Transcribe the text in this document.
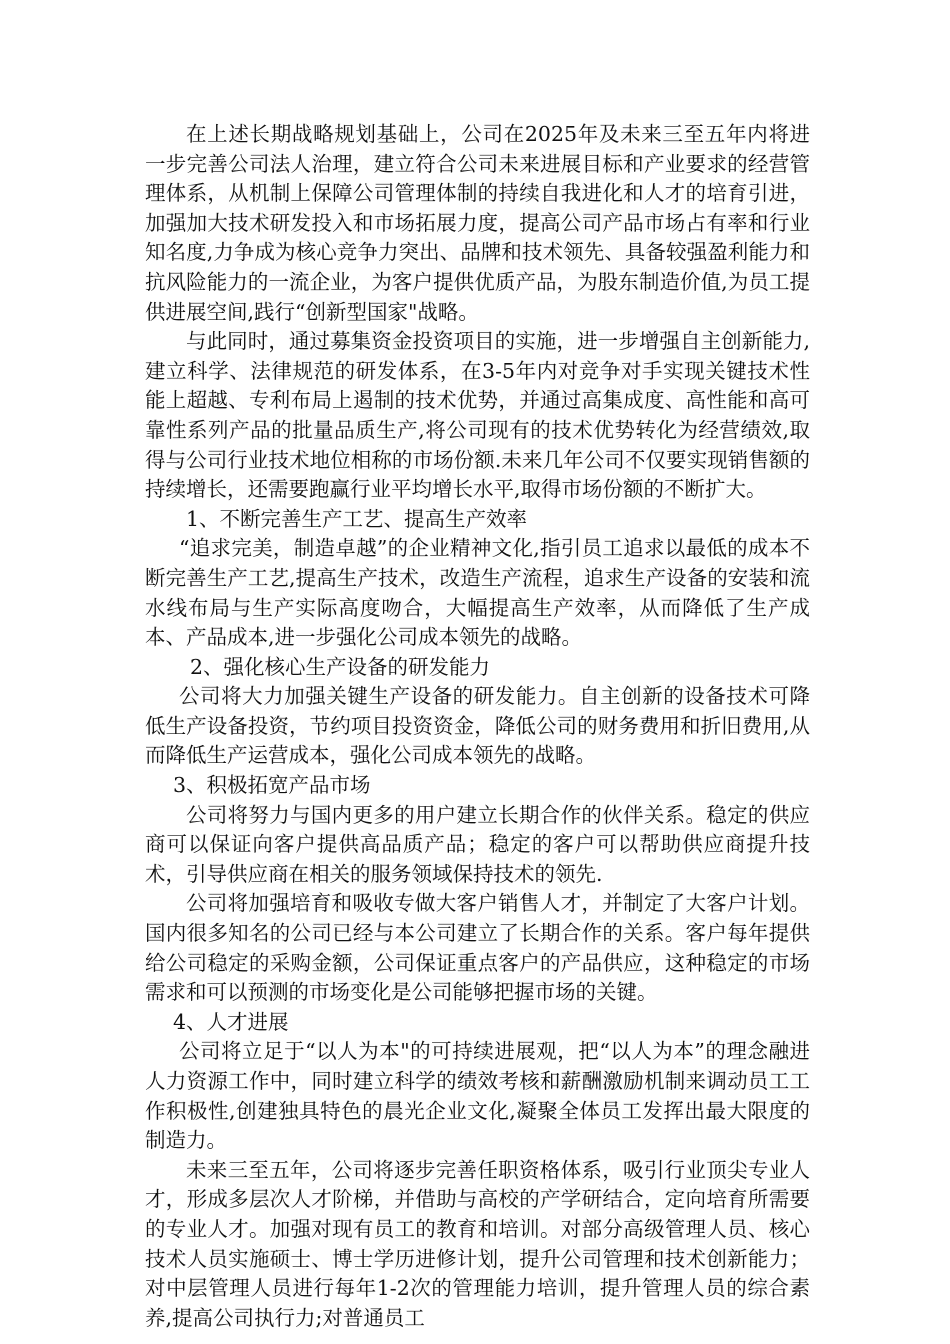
在上述长期战略规划基础上，公司在2025年及未来三至五年内将进一步完善公司法人治理，建立符合公司未来进展目标和产业要求的经营管理体系，从机制上保障公司管理体制的持续自我进化和人才的培育引进，加强加大技术研发投入和市场拓展力度，提高公司产品市场占有率和行业知名度,力争成为核心竞争力突出、品牌和技术领先、具备较强盈利能力和抗风险能力的一流企业，为客户提供优质产品，为股东制造价值,为员工提供进展空间,践行“创新型国家"战略。

与此同时，通过募集资金投资项目的实施，进一步增强自主创新能力,建立科学、法律规范的研发体系，在3-5年内对竞争对手实现关键技术性能上超越、专利布局上遏制的技术优势，并通过高集成度、高性能和高可靠性系列产品的批量品质生产,将公司现有的技术优势转化为经营绩效,取得与公司行业技术地位相称的市场份额.未来几年公司不仅要实现销售额的持续增长，还需要跑赢行业平均增长水平,取得市场份额的不断扩大。

1、不断完善生产工艺、提高生产效率

“追求完美，制造卓越”的企业精神文化,指引员工追求以最低的成本不断完善生产工艺,提高生产技术，改造生产流程，追求生产设备的安装和流水线布局与生产实际高度吻合，大幅提高生产效率，从而降低了生产成本、产品成本,进一步强化公司成本领先的战略。

2、强化核心生产设备的研发能力

公司将大力加强关键生产设备的研发能力。自主创新的设备技术可降低生产设备投资，节约项目投资资金，降低公司的财务费用和折旧费用,从而降低生产运营成本，强化公司成本领先的战略。

3、积极拓宽产品市场

公司将努力与国内更多的用户建立长期合作的伙伴关系。稳定的供应商可以保证向客户提供高品质产品；稳定的客户可以帮助供应商提升技术，引导供应商在相关的服务领域保持技术的领先.

公司将加强培育和吸收专做大客户销售人才，并制定了大客户计划。国内很多知名的公司已经与本公司建立了长期合作的关系。客户每年提供给公司稳定的采购金额，公司保证重点客户的产品供应，这种稳定的市场需求和可以预测的市场变化是公司能够把握市场的关键。

4、人才进展

公司将立足于“以人为本"的可持续进展观，把“以人为本”的理念融进人力资源工作中，同时建立科学的绩效考核和薪酬激励机制来调动员工工作积极性,创建独具特色的晨光企业文化,凝聚全体员工发挥出最大限度的制造力。

未来三至五年，公司将逐步完善任职资格体系，吸引行业顶尖专业人才，形成多层次人才阶梯，并借助与高校的产学研结合，定向培育所需要的专业人才。加强对现有员工的教育和培训。对部分高级管理人员、核心技术人员实施硕士、博士学历进修计划，提升公司管理和技术创新能力；对中层管理人员进行每年1-2次的管理能力培训，提升管理人员的综合素养,提高公司执行力;对普通员工
